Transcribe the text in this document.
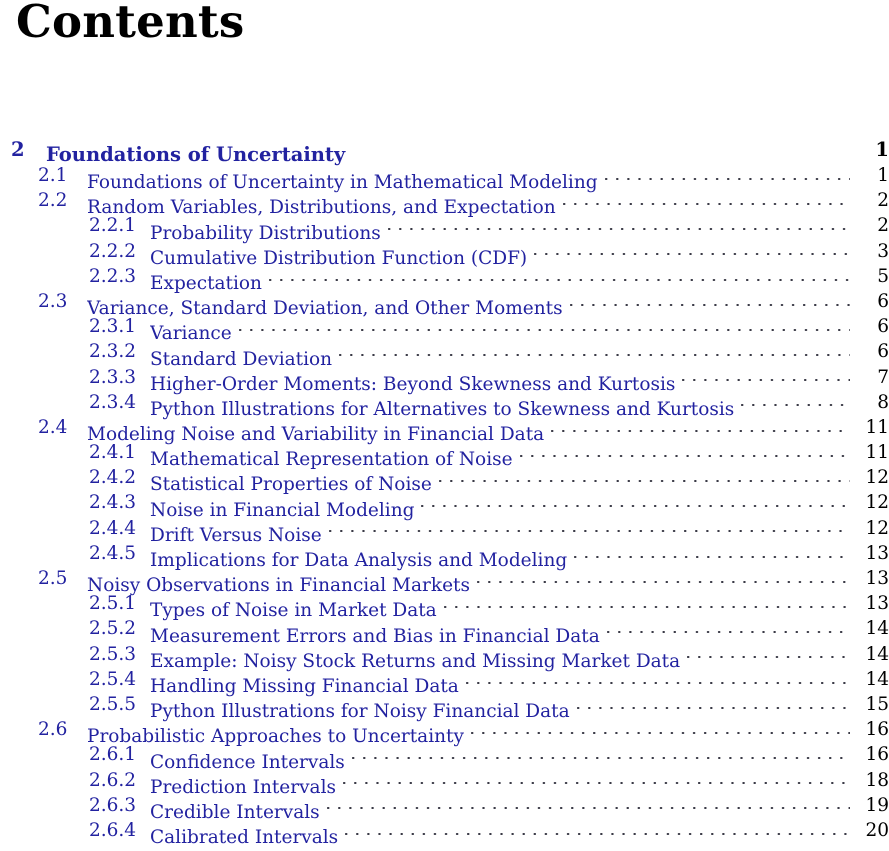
Contents
2 Foundations of Uncertainty	1
2.1 Foundations of Uncertainty in Mathematical Modeling	1
2.2 Random Variables, Distributions, and Expectation	2
2.2.1 Probability Distributions	2
2.2.2 Cumulative Distribution Function (CDF)	3
2.2.3 Expectation	5
2.3 Variance, Standard Deviation, and Other Moments	6
2.3.1 Variance	6
2.3.2 Standard Deviation	6
2.3.3 Higher-Order Moments: Beyond Skewness and Kurtosis	7
2.3.4 Python Illustrations for Alternatives to Skewness and Kurtosis	8
2.4 Modeling Noise and Variability in Financial Data	11
2.4.1 Mathematical Representation of Noise	11
2.4.2 Statistical Properties of Noise	12
2.4.3 Noise in Financial Modeling	12
2.4.4 Drift Versus Noise	12
2.4.5 Implications for Data Analysis and Modeling	13
2.5 Noisy Observations in Financial Markets	13
2.5.1 Types of Noise in Market Data	13
2.5.2 Measurement Errors and Bias in Financial Data	14
2.5.3 Example: Noisy Stock Returns and Missing Market Data	14
2.5.4 Handling Missing Financial Data	14
2.5.5 Python Illustrations for Noisy Financial Data	15
2.6 Probabilistic Approaches to Uncertainty	16
2.6.1 Confidence Intervals	16
2.6.2 Prediction Intervals	18
2.6.3 Credible Intervals	19
2.6.4 Calibrated Intervals	20
